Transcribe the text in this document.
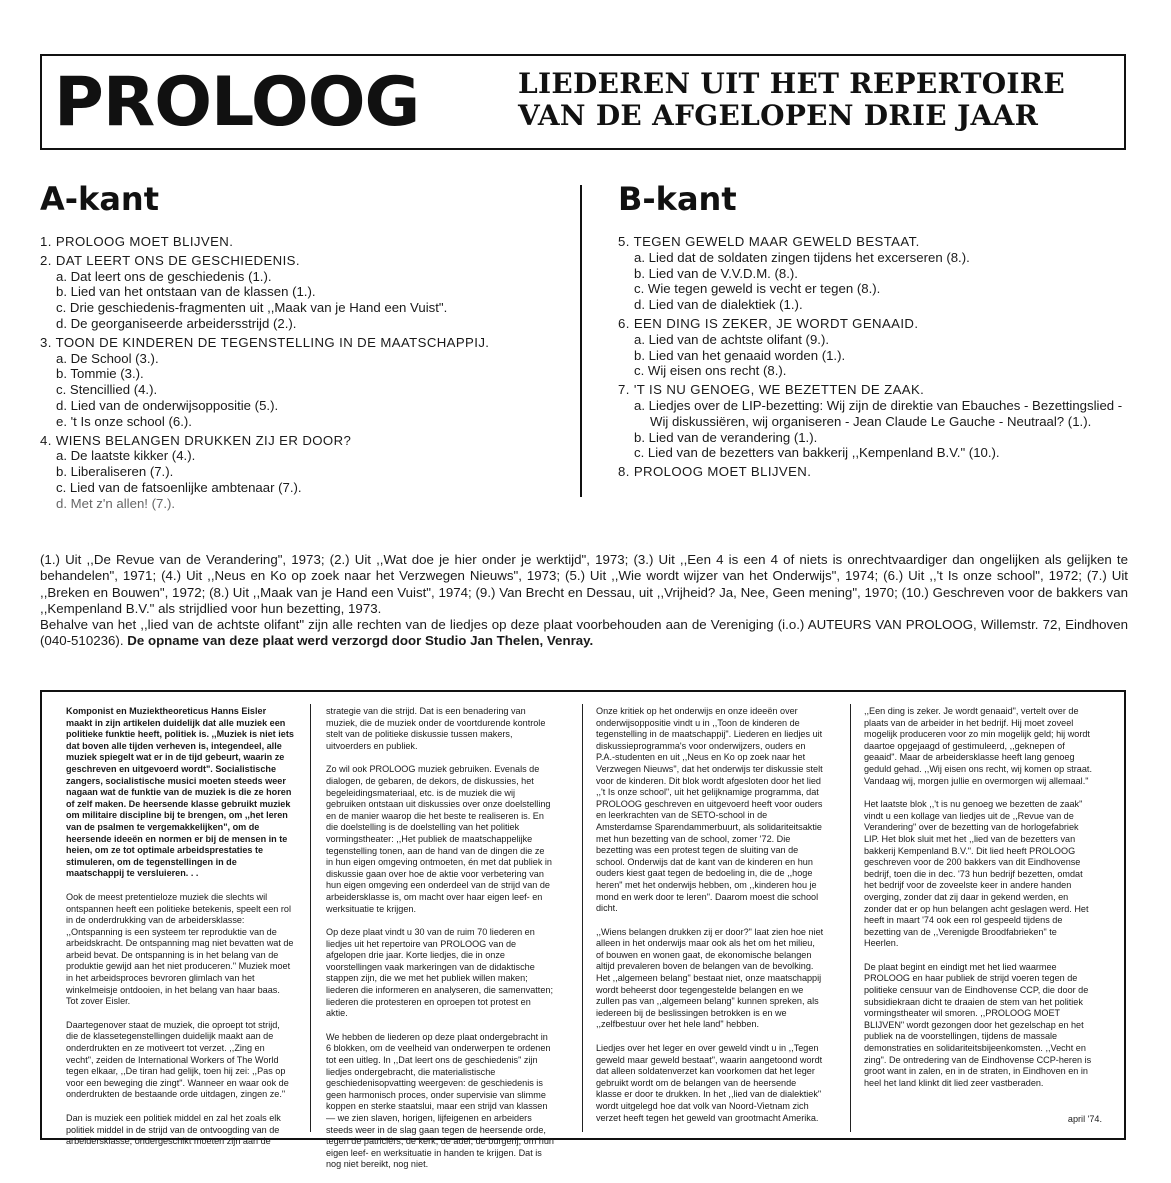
PROLOOG	LIEDEREN UIT HET REPERTOIRE
VAN DE AFGELOPEN DRIE JAAR
A-kant	B-kant
1. PROLOOG MOET BLIJVEN.
2. DAT LEERT ONS DE GESCHIEDENIS.
a. Dat leert ons de geschiedenis (1.).
b. Lied van het ontstaan van de klassen (1.).
c. Drie geschiedenis-fragmenten uit ,,Maak van je Hand een Vuist".
d. De georganiseerde arbeidersstrijd (2.).
3. TOON DE KINDEREN DE TEGENSTELLING IN DE MAATSCHAPPIJ.
a. De School (3.).
b. Tommie (3.).
c. Stencillied (4.).
d. Lied van de onderwijsoppositie (5.).
e. 't Is onze school (6.).
4. WIENS BELANGEN DRUKKEN ZIJ ER DOOR?
a. De laatste kikker (4.).
b. Liberaliseren (7.).
c. Lied van de fatsoenlijke ambtenaar (7.).
d. Met z'n allen! (7.).
5. TEGEN GEWELD MAAR GEWELD BESTAAT.
a. Lied dat de soldaten zingen tijdens het excerseren (8.).
b. Lied van de V.V.D.M. (8.).
c. Wie tegen geweld is vecht er tegen (8.).
d. Lied van de dialektiek (1.).
6. EEN DING IS ZEKER, JE WORDT GENAAID.
a. Lied van de achtste olifant (9.).
b. Lied van het genaaid worden (1.).
c. Wij eisen ons recht (8.).
7. 'T IS NU GENOEG, WE BEZETTEN DE ZAAK.
a. Liedjes over de LIP-bezetting: Wij zijn de direktie van Ebauches - Bezettingslied - Wij diskussiëren, wij organiseren - Jean Claude Le Gauche - Neutraal? (1.).
b. Lied van de verandering (1.).
c. Lied van de bezetters van bakkerij ,,Kempenland B.V." (10.).
8. PROLOOG MOET BLIJVEN.

(1.) Uit ,,De Revue van de Verandering", 1973; (2.) Uit ,,Wat doe je hier onder je werktijd", 1973; (3.) Uit ,,Een 4 is een 4 of niets is onrechtvaardiger dan ongelijken als gelijken te behandelen", 1971; (4.) Uit ,,Neus en Ko op zoek naar het Verzwegen Nieuws", 1973; (5.) Uit ,,Wie wordt wijzer van het Onderwijs", 1974; (6.) Uit ,,'t Is onze school", 1972; (7.) Uit ,,Breken en Bouwen", 1972; (8.) Uit ,,Maak van je Hand een Vuist", 1974; (9.) Van Brecht en Dessau, uit ,,Vrijheid? Ja, Nee, Geen mening", 1970; (10.) Geschreven voor de bakkers van ,,Kempenland B.V." als strijdlied voor hun bezetting, 1973.

Behalve van het ,,lied van de achtste olifant" zijn alle rechten van de liedjes op deze plaat voorbehouden aan de Vereniging (i.o.) AUTEURS VAN PROLOOG, Willemstr. 72, Eindhoven (040-510236). De opname van deze plaat werd verzorgd door Studio Jan Thelen, Venray.

Komponist en Muziektheoreticus Hanns Eisler maakt in zijn artikelen duidelijk dat alle muziek een politieke funktie heeft, politiek is. ,,Muziek is niet iets dat boven alle tijden verheven is, integendeel, alle muziek spiegelt wat er in de tijd gebeurt, waarin ze geschreven en uitgevoerd wordt". Socialistische zangers, socialistische musici moeten steeds weer nagaan wat de funktie van de muziek is die ze horen of zelf maken. De heersende klasse gebruikt muziek om militaire discipline bij te brengen, om ,,het leren van de psalmen te vergemakkelijken", om de heersende ideeën en normen er bij de mensen in te heien, om ze tot optimale arbeidsprestaties te stimuleren, om de tegenstellingen in de maatschappij te versluieren. . .

Ook de meest pretentieloze muziek die slechts wil ontspannen heeft een politieke betekenis, speelt een rol in de onderdrukking van de arbeidersklasse: ,,Ontspanning is een systeem ter reproduktie van de arbeidskracht. De ontspanning mag niet bevatten wat de arbeid bevat. De ontspanning is in het belang van de produktie gewijd aan het niet produceren." Muziek moet in het arbeidsproces bevroren glimlach van het winkelmeisje ontdooien, in het belang van haar baas. Tot zover Eisler.

Daartegenover staat de muziek, die oproept tot strijd, die de klassetegenstellingen duidelijk maakt aan de onderdrukten en ze motiveert tot verzet. ,,Zing en vecht", zeiden de International Workers of The World tegen elkaar, ,,De tiran had gelijk, toen hij zei: ,,Pas op voor een beweging die zingt". Wanneer en waar ook de onderdrukten de bestaande orde uitdagen, zingen ze."

Dan is muziek een politiek middel en zal het zoals elk politiek middel in de strijd van de ontvoogding van de arbeidersklasse, ondergeschikt moeten zijn aan de

strategie van die strijd. Dat is een benadering van muziek, die de muziek onder de voortdurende kontrole stelt van de politieke diskussie tussen makers, uitvoerders en publiek.

Zo wil ook PROLOOG muziek gebruiken. Evenals de dialogen, de gebaren, de dekors, de diskussies, het begeleidingsmateriaal, etc. is de muziek die wij gebruiken ontstaan uit diskussies over onze doelstelling en de manier waarop die het beste te realiseren is. En die doelstelling is de doelstelling van het politiek vormingstheater: ,,Het publiek de maatschappelijke tegenstelling tonen, aan de hand van de dingen die ze in hun eigen omgeving ontmoeten, én met dat publiek in diskussie gaan over hoe de aktie voor verbetering van hun eigen omgeving een onderdeel van de strijd van de arbeidersklasse is, om macht over haar eigen leef- en werksituatie te krijgen.

Op deze plaat vindt u 30 van de ruim 70 liederen en liedjes uit het repertoire van PROLOOG van de afgelopen drie jaar. Korte liedjes, die in onze voorstellingen vaak markeringen van de didaktische stappen zijn, die we met het publiek willen maken; liederen die informeren en analyseren, die samenvatten; liederen die protesteren en oproepen tot protest en aktie.

We hebben de liederen op deze plaat ondergebracht in 6 blokken, om de veelheid van onderwerpen te ordenen tot een uitleg. In ,,Dat leert ons de geschiedenis" zijn liedjes ondergebracht, die materialistische geschiedenisopvatting weergeven: de geschiedenis is geen harmonisch proces, onder supervisie van slimme koppen en sterke staatslui, maar een strijd van klassen — we zien slaven, horigen, lijfeigenen en arbeiders steeds weer in de slag gaan tegen de heersende orde, tegen de patriciërs, de kerk, de adel, de burgerij, om hun eigen leef- en werksituatie in handen te krijgen. Dat is nog niet bereikt, nog niet.

Onze kritiek op het onderwijs en onze ideeën over onderwijsoppositie vindt u in ,,Toon de kinderen de tegenstelling in de maatschappij". Liederen en liedjes uit diskussieprogramma's voor onderwijzers, ouders en P.A.-studenten en uit ,,Neus en Ko op zoek naar het Verzwegen Nieuws", dat het onderwijs ter diskussie stelt voor de kinderen. Dit blok wordt afgesloten door het lied ,,'t Is onze school", uit het gelijknamige programma, dat PROLOOG geschreven en uitgevoerd heeft voor ouders en leerkrachten van de SETO-school in de Amsterdamse Sparendammerbuurt, als solidariteitsaktie met hun bezetting van de school, zomer '72. Die bezetting was een protest tegen de sluiting van de school. Onderwijs dat de kant van de kinderen en hun ouders kiest gaat tegen de bedoeling in, die de ,,hoge heren" met het onderwijs hebben, om ,,kinderen hou je mond en werk door te leren". Daarom moest die school dicht.

,,Wiens belangen drukken zij er door?" laat zien hoe niet alleen in het onderwijs maar ook als het om het milieu, of bouwen en wonen gaat, de ekonomische belangen altijd prevaleren boven de belangen van de bevolking. Het ,,algemeen belang" bestaat niet, onze maatschappij wordt beheerst door tegengestelde belangen en we zullen pas van ,,algemeen belang" kunnen spreken, als iedereen bij de beslissingen betrokken is en we ,,zelfbestuur over het hele land" hebben.

Liedjes over het leger en over geweld vindt u in ,,Tegen geweld maar geweld bestaat", waarin aangetoond wordt dat alleen soldatenverzet kan voorkomen dat het leger gebruikt wordt om de belangen van de heersende klasse er door te drukken. In het ,,lied van de dialektiek" wordt uitgelegd hoe dat volk van Noord-Vietnam zich verzet heeft tegen het geweld van grootmacht Amerika.

,,Een ding is zeker. Je wordt genaaid", vertelt over de plaats van de arbeider in het bedrijf. Hij moet zoveel mogelijk produceren voor zo min mogelijk geld; hij wordt daartoe opgejaagd of gestimuleerd, ,,geknepen of geaaid". Maar de arbeidersklasse heeft lang genoeg geduld gehad. ,,Wij eisen ons recht, wij komen op straat. Vandaag wij, morgen jullie en overmorgen wij allemaal."

Het laatste blok ,,'t is nu genoeg we bezetten de zaak" vindt u een kollage van liedjes uit de ,,Revue van de Verandering" over de bezetting van de horlogefabriek LIP. Het blok sluit met het ,,lied van de bezetters van bakkerij Kempenland B.V.". Dit lied heeft PROLOOG geschreven voor de 200 bakkers van dit Eindhovense bedrijf, toen die in dec. '73 hun bedrijf bezetten, omdat het bedrijf voor de zoveelste keer in andere handen overging, zonder dat zij daar in gekend werden, en zonder dat er op hun belangen acht geslagen werd. Het heeft in maart '74 ook een rol gespeeld tijdens de bezetting van de ,,Verenigde Broodfabrieken" te Heerlen.

De plaat begint en eindigt met het lied waarmee PROLOOG en haar publiek de strijd voeren tegen de politieke censuur van de Eindhovense CCP, die door de subsidiekraan dicht te draaien de stem van het politiek vormingstheater wil smoren. ,,PROLOOG MOET BLIJVEN" wordt gezongen door het gezelschap en het publiek na de voorstellingen, tijdens de massale demonstraties en solidariteitsbijeenkomsten. ,,Vecht en zing". De ontredering van de Eindhovense CCP-heren is groot want in zalen, en in de straten, in Eindhoven en in heel het land klinkt dit lied zeer vastberaden.

april '74.
